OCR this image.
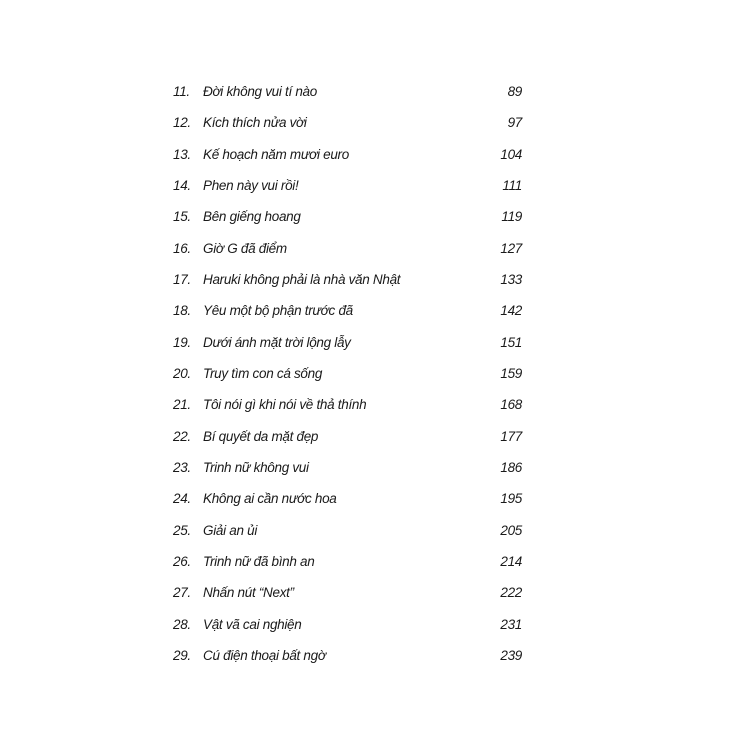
11. Đời không vui tí nào	89
12. Kích thích nửa vời	97
13. Kế hoạch năm mươi euro	104
14. Phen này vui rồi!	111
15. Bên giếng hoang	119
16. Giờ G đã điểm	127
17. Haruki không phải là nhà văn Nhật	133
18. Yêu một bộ phận trước đã	142
19. Dưới ánh mặt trời lộng lẫy	151
20. Truy tìm con cá sống	159
21. Tôi nói gì khi nói về thả thính	168
22. Bí quyết da mặt đẹp	177
23. Trinh nữ không vui	186
24. Không ai cần nước hoa	195
25. Giải an ủi	205
26. Trinh nữ đã bình an	214
27. Nhấn nút “Next”	222
28. Vật vã cai nghiện	231
29. Cú điện thoại bất ngờ	239
